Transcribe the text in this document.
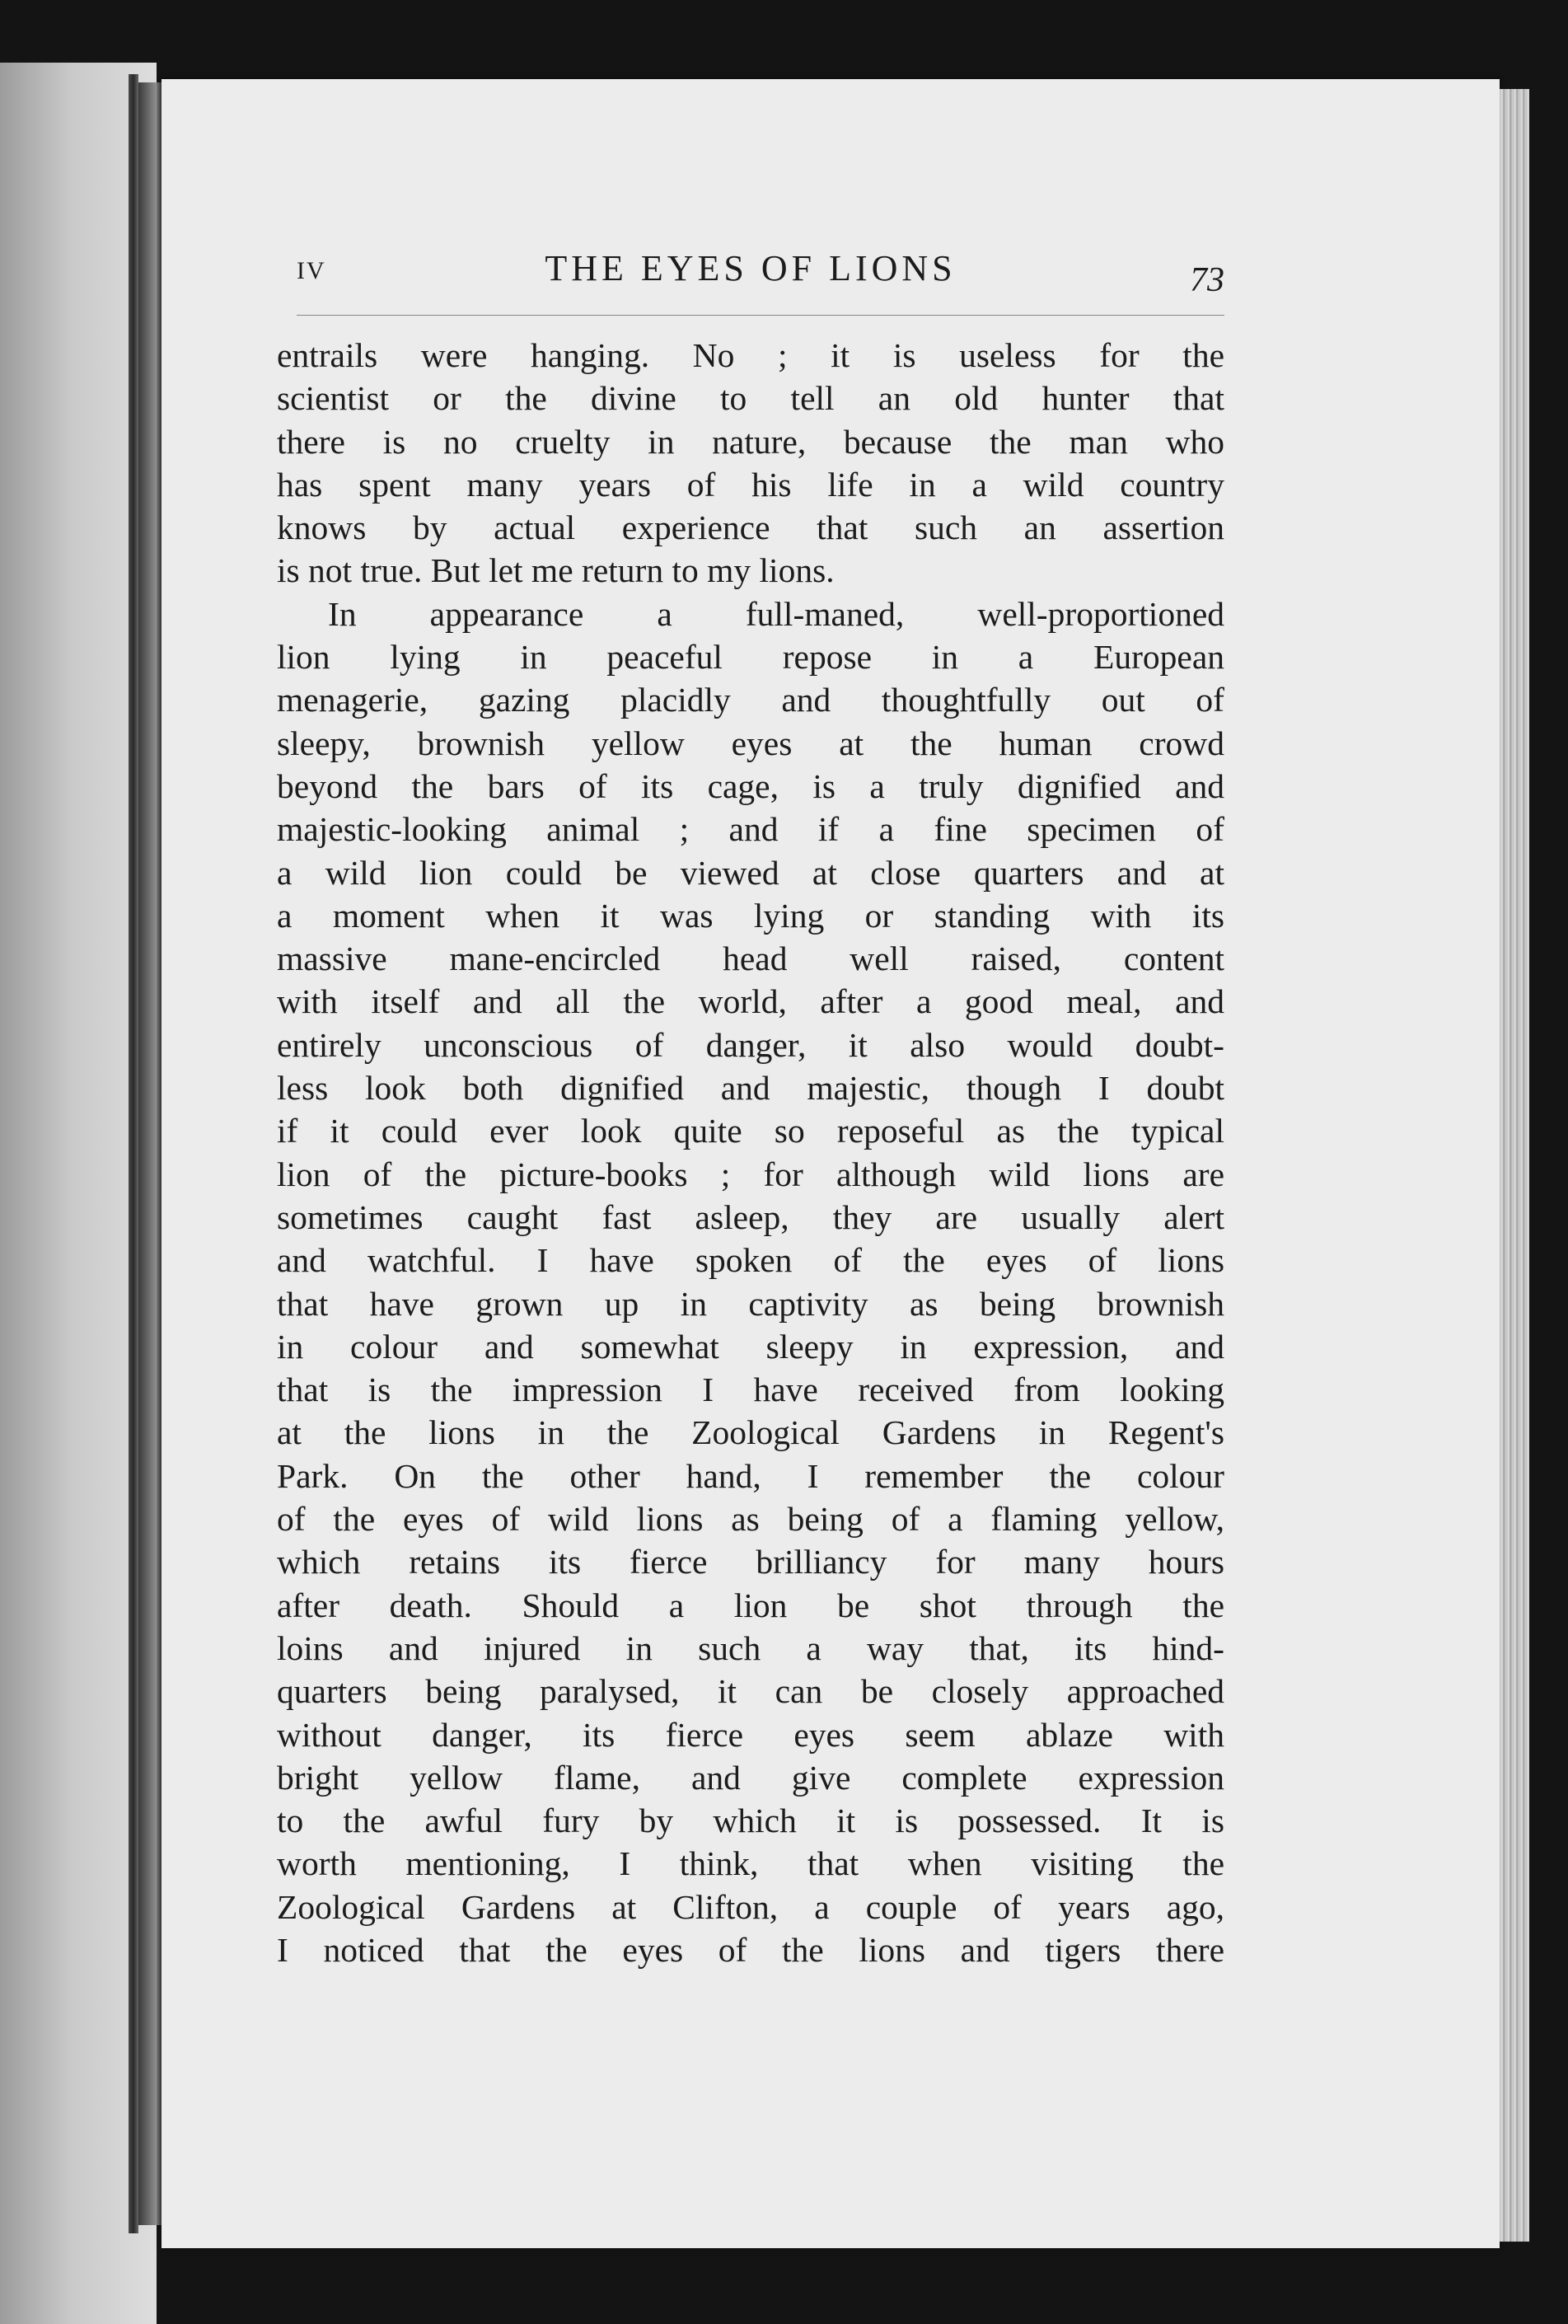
IV	THE EYES OF LIONS	73
entrails were hanging. No ; it is useless for the
scientist or the divine to tell an old hunter that
there is no cruelty in nature, because the man who
has spent many years of his life in a wild country
knows by actual experience that such an assertion
is not true. But let me return to my lions.
In appearance a full-maned, well-proportioned
lion lying in peaceful repose in a European
menagerie, gazing placidly and thoughtfully out of
sleepy, brownish yellow eyes at the human crowd
beyond the bars of its cage, is a truly dignified and
majestic-looking animal ; and if a fine specimen of
a wild lion could be viewed at close quarters and at
a moment when it was lying or standing with its
massive mane-encircled head well raised, content
with itself and all the world, after a good meal, and
entirely unconscious of danger, it also would doubt-
less look both dignified and majestic, though I doubt
if it could ever look quite so reposeful as the typical
lion of the picture-books ; for although wild lions are
sometimes caught fast asleep, they are usually alert
and watchful. I have spoken of the eyes of lions
that have grown up in captivity as being brownish
in colour and somewhat sleepy in expression, and
that is the impression I have received from looking
at the lions in the Zoological Gardens in Regent's
Park. On the other hand, I remember the colour
of the eyes of wild lions as being of a flaming yellow,
which retains its fierce brilliancy for many hours
after death. Should a lion be shot through the
loins and injured in such a way that, its hind-
quarters being paralysed, it can be closely approached
without danger, its fierce eyes seem ablaze with
bright yellow flame, and give complete expression
to the awful fury by which it is possessed. It is
worth mentioning, I think, that when visiting the
Zoological Gardens at Clifton, a couple of years ago,
I noticed that the eyes of the lions and tigers there
